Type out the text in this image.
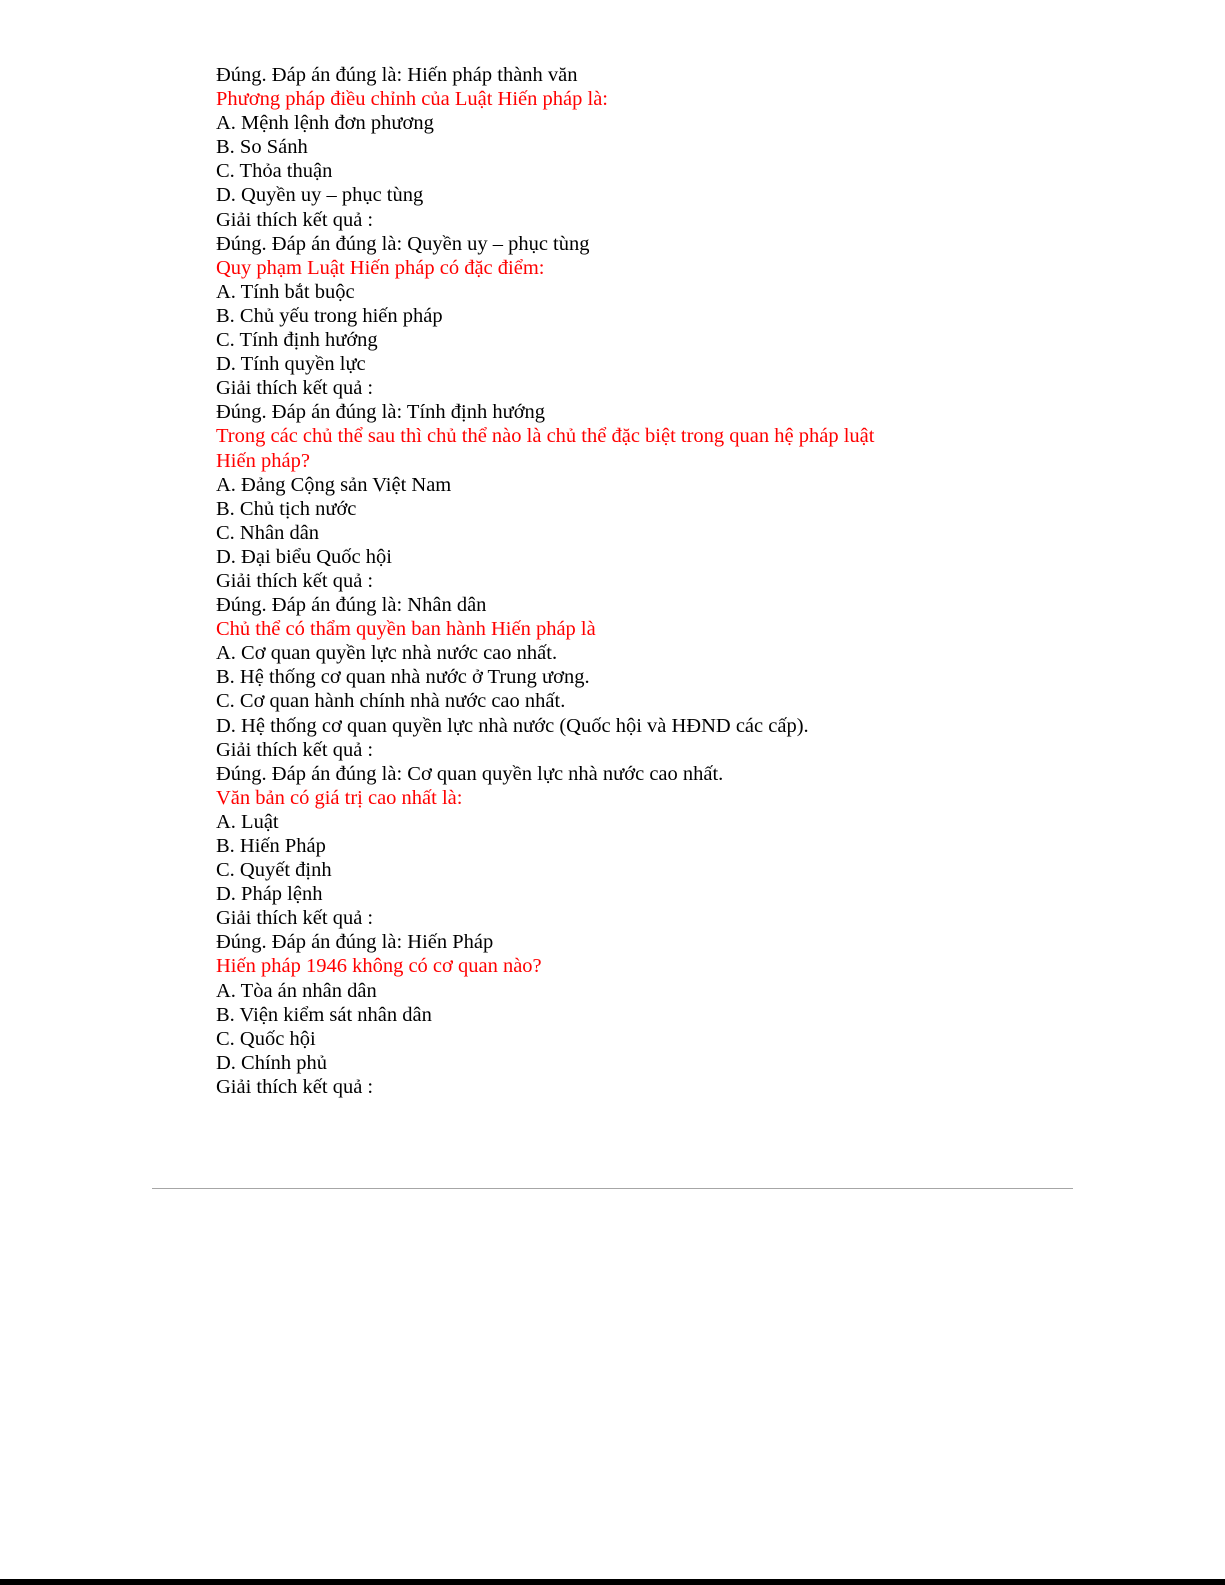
Đúng. Đáp án đúng là: Hiến pháp thành văn

Phương pháp điều chỉnh của Luật Hiến pháp là:

A. Mệnh lệnh đơn phương

B. So Sánh

C. Thỏa thuận

D. Quyền uy – phục tùng

Giải thích kết quả :

Đúng. Đáp án đúng là: Quyền uy – phục tùng

Quy phạm Luật Hiến pháp có đặc điểm:

A. Tính bắt buộc

B. Chủ yếu trong hiến pháp

C. Tính định hướng

D. Tính quyền lực

Giải thích kết quả :

Đúng. Đáp án đúng là: Tính định hướng

Trong các chủ thể sau thì chủ thể nào là chủ thể đặc biệt trong quan hệ pháp luật Hiến pháp?

A. Đảng Cộng sản Việt Nam

B. Chủ tịch nước

C. Nhân dân

D. Đại biểu Quốc hội

Giải thích kết quả :

Đúng. Đáp án đúng là: Nhân dân

Chủ thể có thẩm quyền ban hành Hiến pháp là

A. Cơ quan quyền lực nhà nước cao nhất.

B. Hệ thống cơ quan nhà nước ở Trung ương.

C. Cơ quan hành chính nhà nước cao nhất.

D. Hệ thống cơ quan quyền lực nhà nước (Quốc hội và HĐND các cấp).

Giải thích kết quả :

Đúng. Đáp án đúng là: Cơ quan quyền lực nhà nước cao nhất.

Văn bản có giá trị cao nhất là:

A. Luật

B. Hiến Pháp

C. Quyết định

D. Pháp lệnh

Giải thích kết quả :

Đúng. Đáp án đúng là: Hiến Pháp

Hiến pháp 1946 không có cơ quan nào?

A. Tòa án nhân dân

B. Viện kiểm sát nhân dân

C. Quốc hội

D. Chính phủ

Giải thích kết quả :
